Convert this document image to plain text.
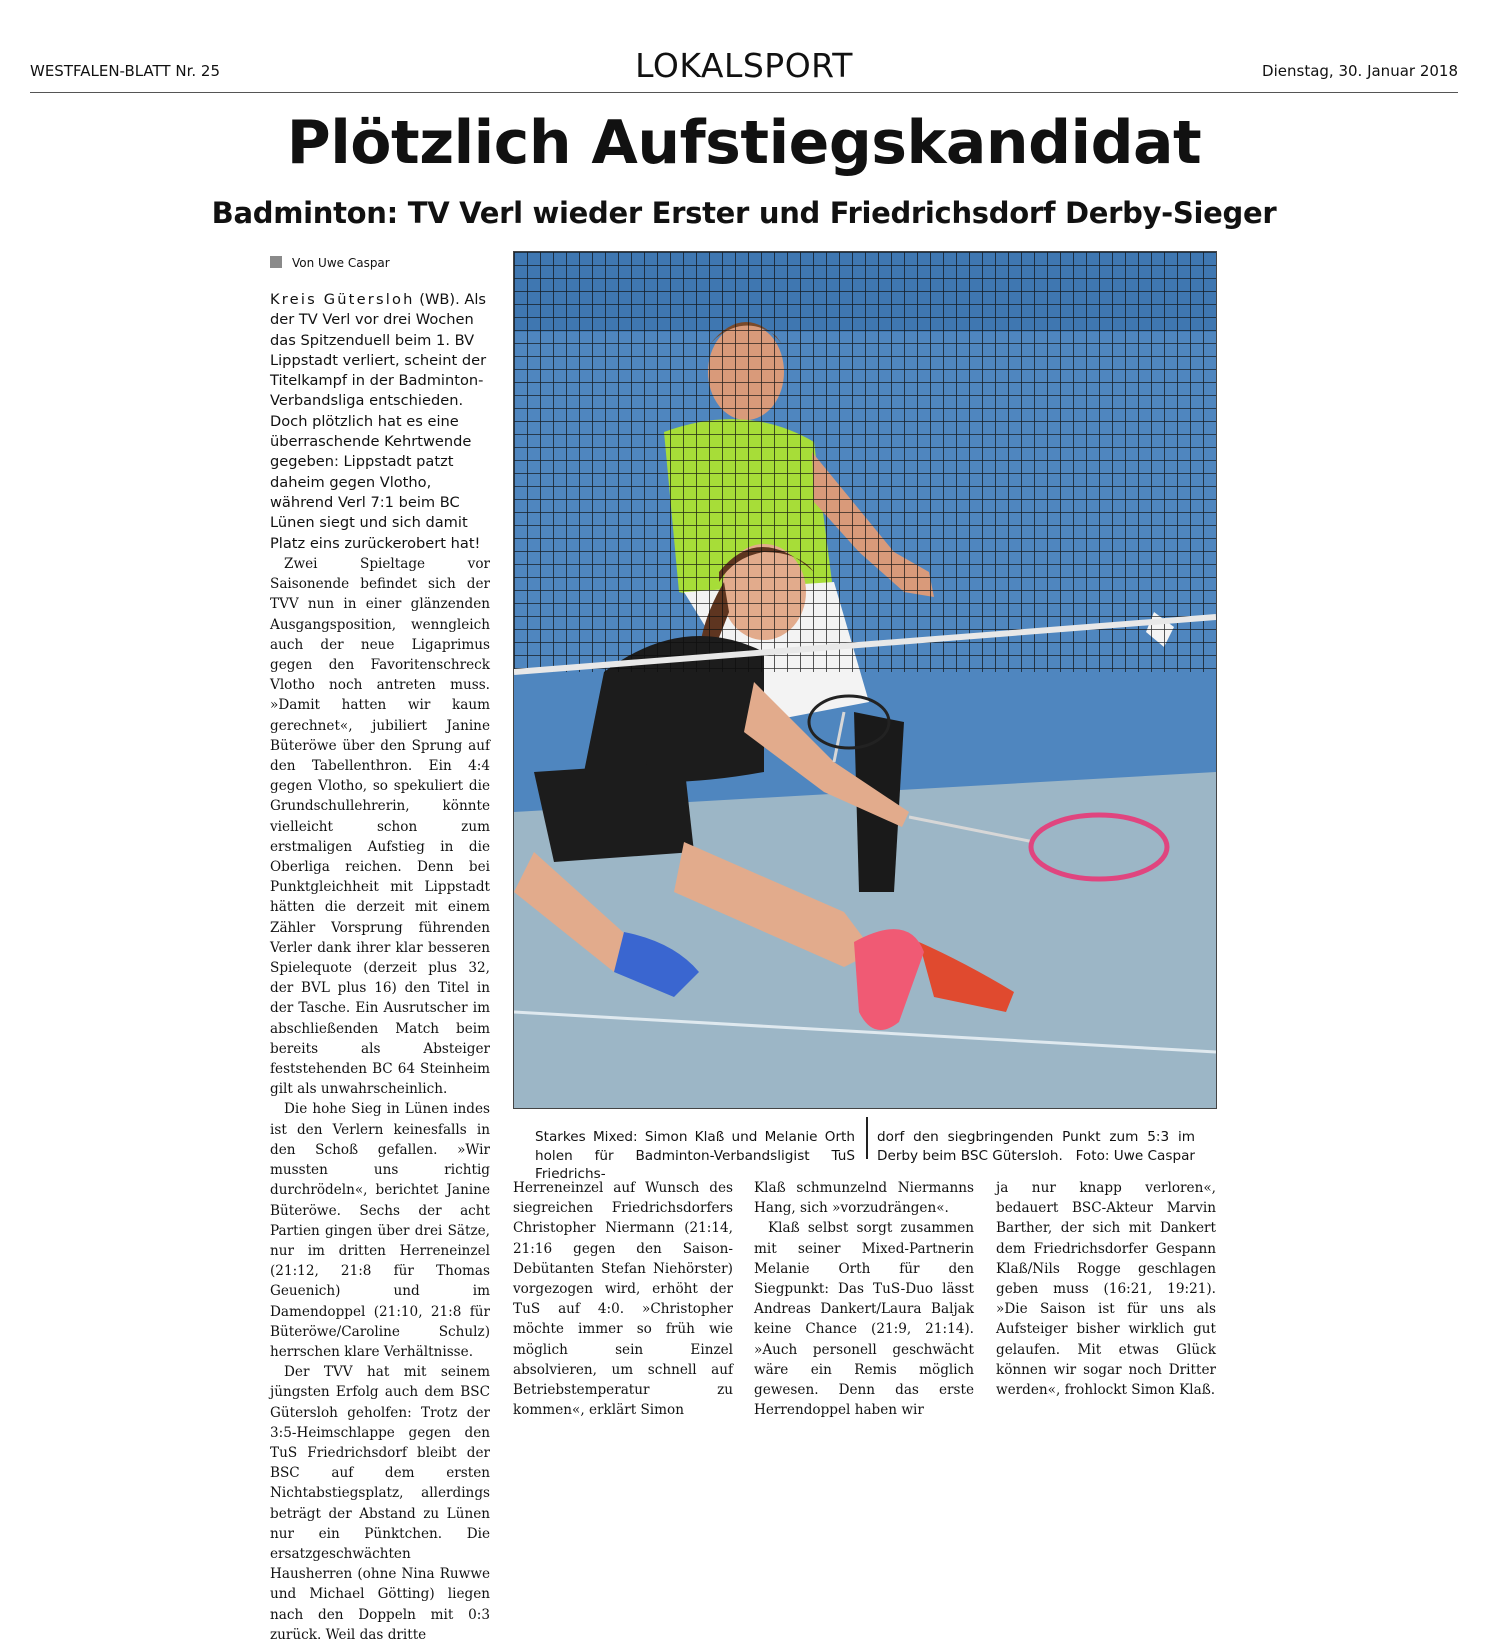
WESTFALEN-BLATT Nr. 25	LOKALSPORT	Dienstag, 30. Januar 2018
Plötzlich Aufstiegskandidat
Badminton: TV Verl wieder Erster und Friedrichsdorf Derby-Sieger
Von Uwe Caspar
Kreis Gütersloh (WB). Als der TV Verl vor drei Wochen das Spitzenduell beim 1. BV Lippstadt verliert, scheint der Titelkampf in der Badminton-Verbandsliga entschieden. Doch plötzlich hat es eine überraschende Kehrtwende gegeben: Lippstadt patzt daheim gegen Vlotho, während Verl 7:1 beim BC Lünen siegt und sich damit Platz eins zurückerobert hat!

Zwei Spieltage vor Saisonende befindet sich der TVV nun in einer glänzenden Ausgangsposition, wenngleich auch der neue Ligaprimus gegen den Favoritenschreck Vlotho noch antreten muss. »Damit hatten wir kaum gerechnet«, jubiliert Janine Büteröwe über den Sprung auf den Tabellenthron. Ein 4:4 gegen Vlotho, so spekuliert die Grundschullehrerin, könnte vielleicht schon zum erstmaligen Aufstieg in die Oberliga reichen. Denn bei Punktgleichheit mit Lippstadt hätten die derzeit mit einem Zähler Vorsprung führenden Verler dank ihrer klar besseren Spielequote (derzeit plus 32, der BVL plus 16) den Titel in der Tasche. Ein Ausrutscher im abschließenden Match beim bereits als Absteiger feststehenden BC 64 Steinheim gilt als unwahrscheinlich.

Die hohe Sieg in Lünen indes ist den Verlern keinesfalls in den Schoß gefallen. »Wir mussten uns richtig durchrödeln«, berichtet Janine Büteröwe. Sechs der acht Partien gingen über drei Sätze, nur im dritten Herreneinzel (21:12, 21:8 für Thomas Geuenich) und im Damendoppel (21:10, 21:8 für Büteröwe/Caroline Schulz) herrschen klare Verhältnisse.

Der TVV hat mit seinem jüngsten Erfolg auch dem BSC Gütersloh geholfen: Trotz der 3:5-Heimschlappe gegen den TuS Friedrichsdorf bleibt der BSC auf dem ersten Nichtabstiegsplatz, allerdings beträgt der Abstand zu Lünen nur ein Pünktchen. Die ersatzgeschwächten Hausherren (ohne Nina Ruwwe und Michael Götting) liegen nach den Doppeln mit 0:3 zurück. Weil das dritte

Starkes Mixed: Simon Klaß und Melanie Orth holen für Badminton-Verbandsligist TuS Friedrichs-
dorf den siegbringenden Punkt zum 5:3 im Derby beim BSC Gütersloh. Foto: Uwe Caspar

Herreneinzel auf Wunsch des siegreichen Friedrichsdorfers Christopher Niermann (21:14, 21:16 gegen den Saison-Debütanten Stefan Niehörster) vorgezogen wird, erhöht der TuS auf 4:0. »Christopher möchte immer so früh wie möglich sein Einzel absolvieren, um schnell auf Betriebstemperatur zu kommen«, erklärt Simon

Klaß schmunzelnd Niermanns Hang, sich »vorzudrängen«.

Klaß selbst sorgt zusammen mit seiner Mixed-Partnerin Melanie Orth für den Siegpunkt: Das TuS-Duo lässt Andreas Dankert/Laura Baljak keine Chance (21:9, 21:14). »Auch personell geschwächt wäre ein Remis möglich gewesen. Denn das erste Herrendoppel haben wir

ja nur knapp verloren«, bedauert BSC-Akteur Marvin Barther, der sich mit Dankert dem Friedrichsdorfer Gespann Klaß/Nils Rogge geschlagen geben muss (16:21, 19:21). »Die Saison ist für uns als Aufsteiger bisher wirklich gut gelaufen. Mit etwas Glück können wir sogar noch Dritter werden«, frohlockt Simon Klaß.
